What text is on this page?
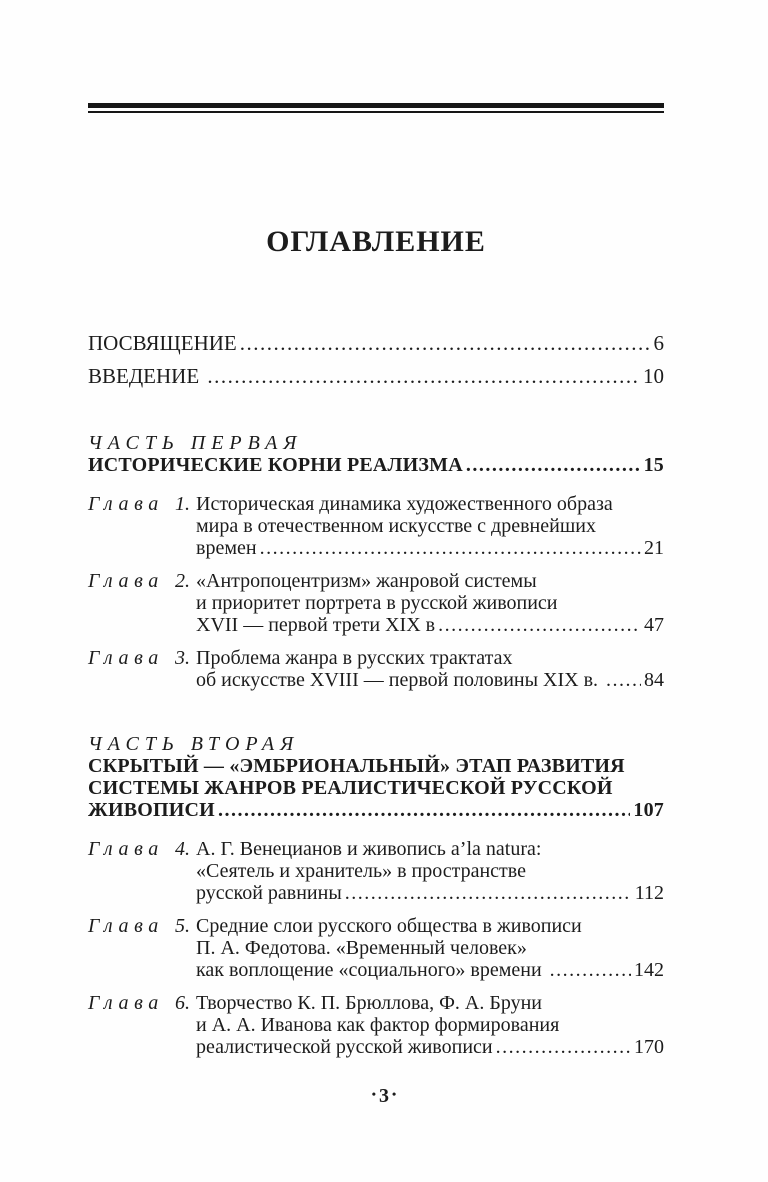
ОГЛАВЛЕНИЕ
ПОСВЯЩЕНИЕ .....	6
ВВЕДЕНИЕ .....	10
ЧАСТЬ ПЕРВАЯ
ИСТОРИЧЕСКИЕ КОРНИ РЕАЛИЗМА .....	15
Глава 1. Историческая динамика художественного образа
мира в отечественном искусстве с древнейших
времен .....	21
Глава 2. «Антропоцентризм» жанровой системы
и приоритет портрета в русской живописи
XVII — первой трети XIX в .....	47
Глава 3. Проблема жанра в русских трактатах
об искусстве XVIII — первой половины XIX в. ..... 84
ЧАСТЬ ВТОРАЯ
СКРЫТЫЙ — «ЭМБРИОНАЛЬНЫЙ» ЭТАП РАЗВИТИЯ
СИСТЕМЫ ЖАНРОВ РЕАЛИСТИЧЕСКОЙ РУССКОЙ
ЖИВОПИСИ .....	107
Глава 4. А. Г. Венецианов и живопись a’la natura:
«Сеятель и хранитель» в пространстве
русской равнины .....	112
Глава 5. Средние слои русского общества в живописи
П. А. Федотова. «Временный человек»
как воплощение «социального» времени .....	142
Глава 6. Творчество К. П. Брюллова, Ф. А. Бруни
и А. А. Иванова как фактор формирования
реалистической русской живописи .....	170
• 3 •
